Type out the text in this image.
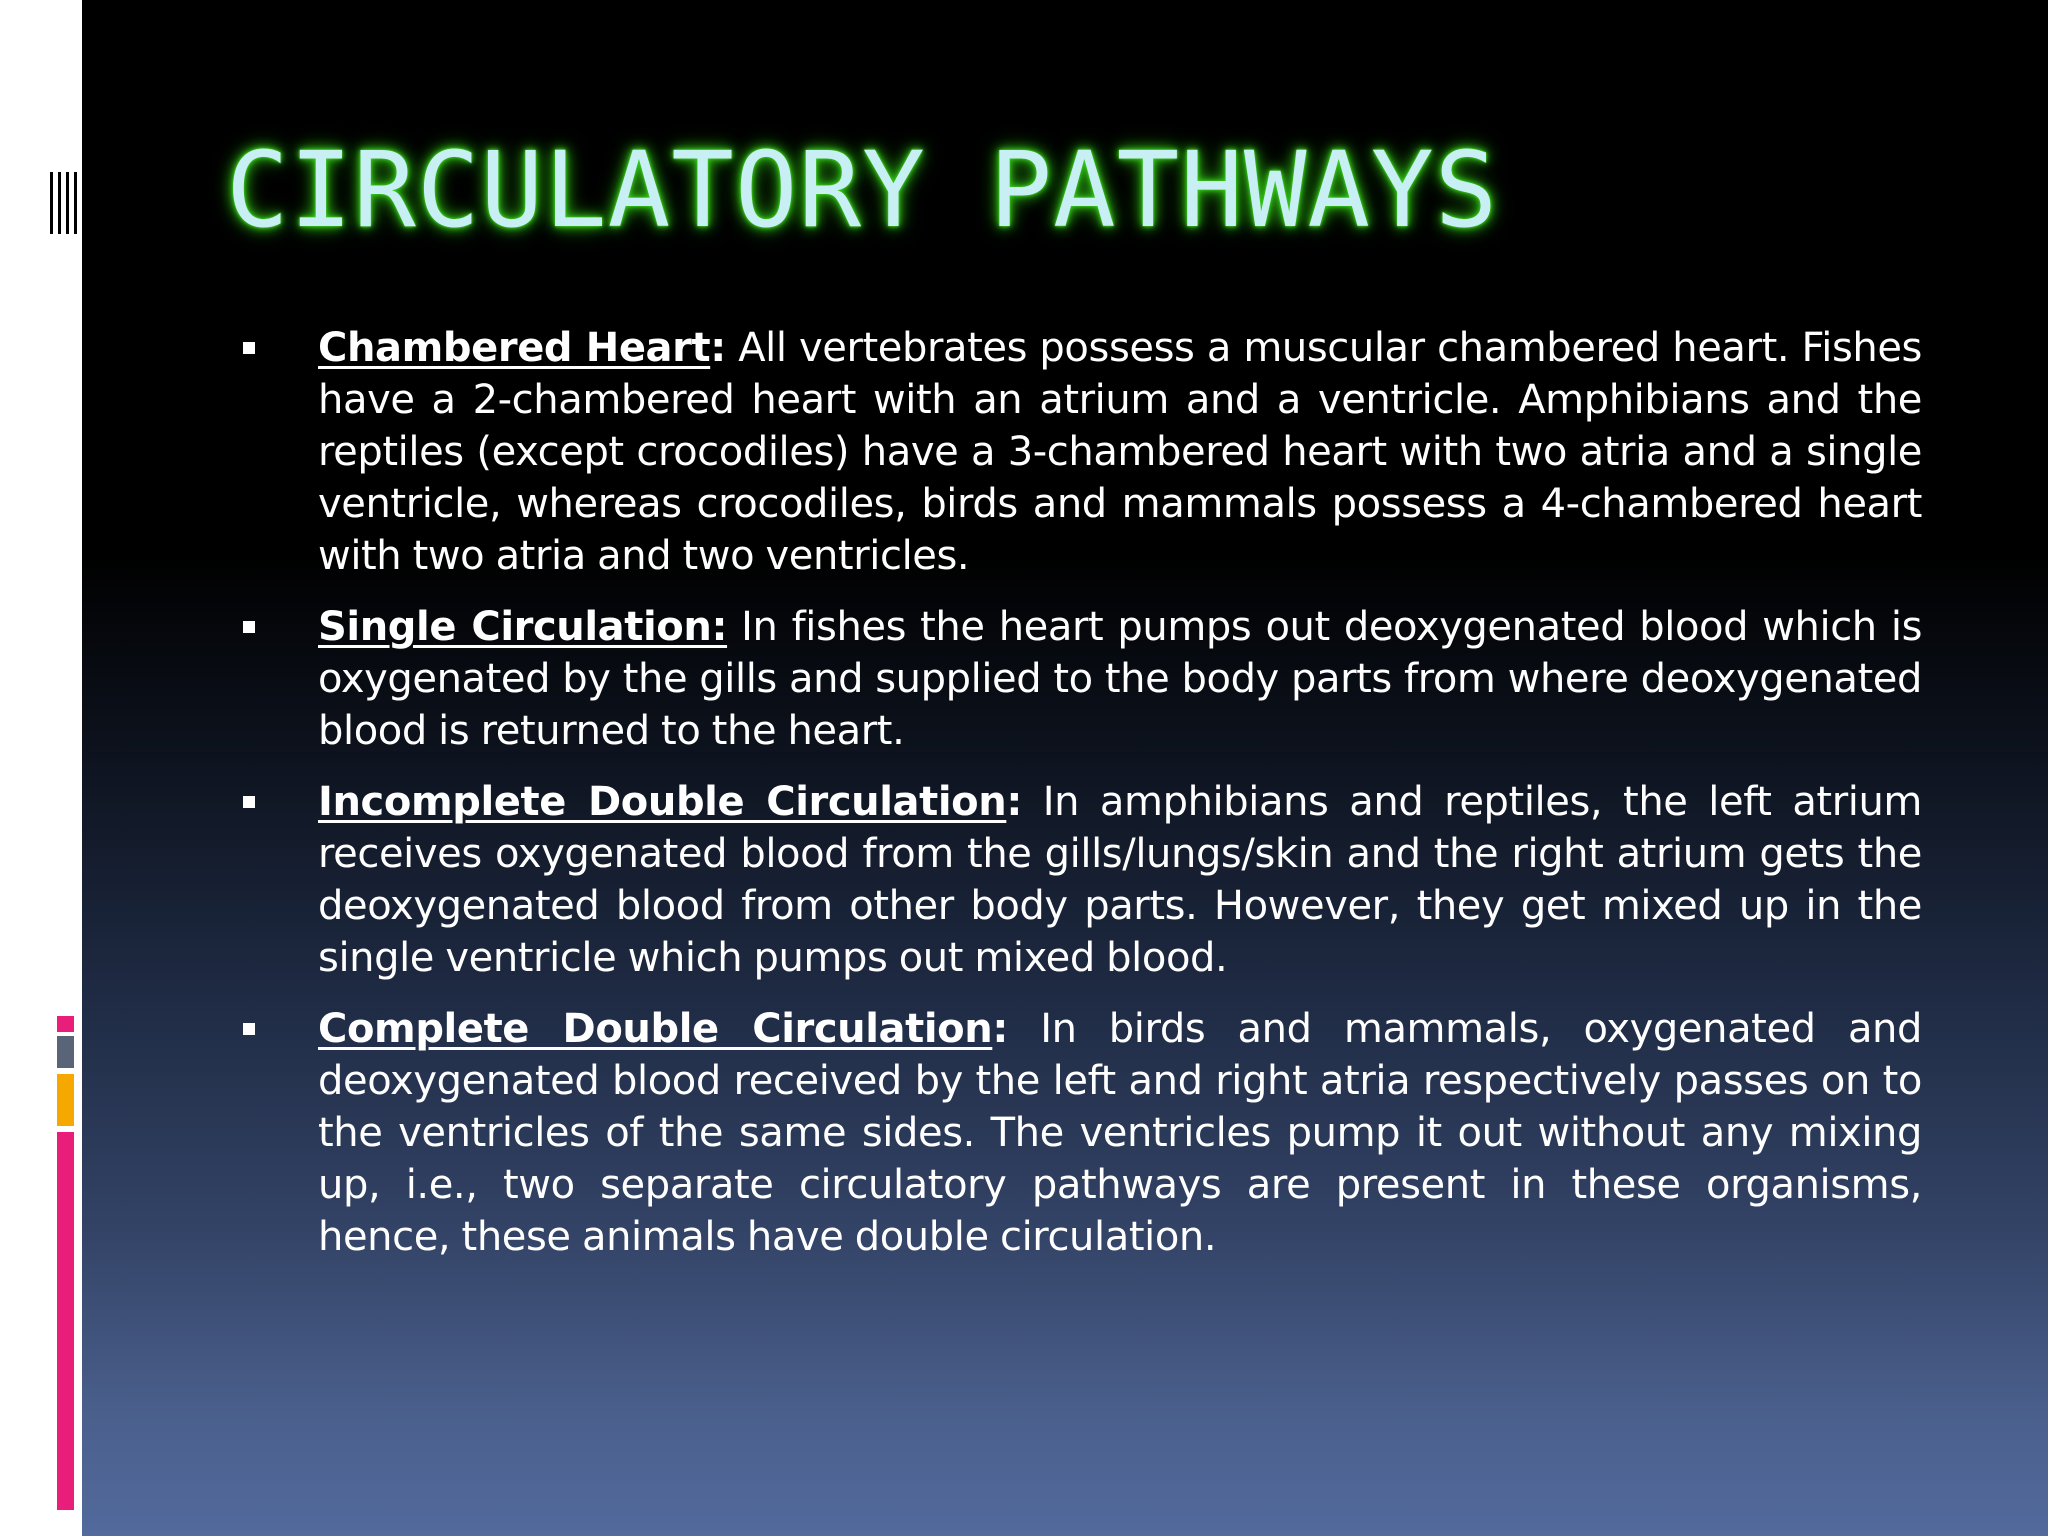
CIRCULATORY PATHWAYS

Chambered Heart: All vertebrates possess a muscular chambered heart. Fishes have a 2-chambered heart with an atrium and a ventricle. Amphibians and the reptiles (except crocodiles) have a 3-chambered heart with two atria and a single ventricle, whereas crocodiles, birds and mammals possess a 4-chambered heart with two atria and two ventricles.

Single Circulation: In fishes the heart pumps out deoxygenated blood which is oxygenated by the gills and supplied to the body parts from where deoxygenated blood is returned to the heart.

Incomplete Double Circulation: In amphibians and reptiles, the left atrium receives oxygenated blood from the gills/lungs/skin and the right atrium gets the deoxygenated blood from other body parts. However, they get mixed up in the single ventricle which pumps out mixed blood.

Complete Double Circulation: In birds and mammals, oxygenated and deoxygenated blood received by the left and right atria respectively passes on to the ventricles of the same sides. The ventricles pump it out without any mixing up, i.e., two separate circulatory pathways are present in these organisms, hence, these animals have double circulation.
